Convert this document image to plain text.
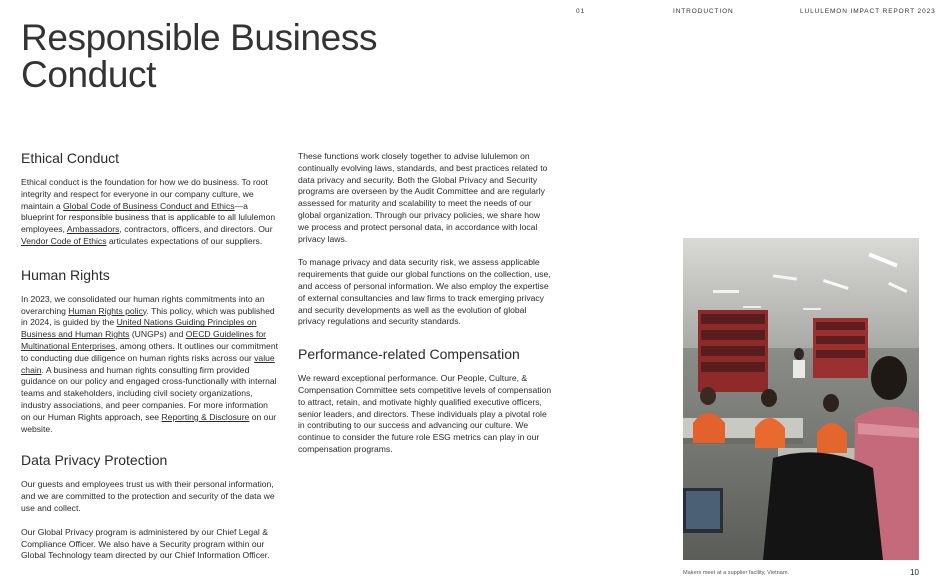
01	INTRODUCTION	LULULEMON IMPACT REPORT 2023
Responsible Business Conduct
Ethical Conduct

Ethical conduct is the foundation for how we do business. To root integrity and respect for everyone in our company culture, we maintain a Global Code of Business Conduct and Ethics—a blueprint for responsible business that is applicable to all lululemon employees, Ambassadors, contractors, officers, and directors. Our Vendor Code of Ethics articulates expectations of our suppliers.

Human Rights

In 2023, we consolidated our human rights commitments into an overarching Human Rights policy. This policy, which was published in 2024, is guided by the United Nations Guiding Principles on Business and Human Rights (UNGPs) and OECD Guidelines for Multinational Enterprises, among others. It outlines our commitment to conducting due diligence on human rights risks across our value chain. A business and human rights consulting firm provided guidance on our policy and engaged cross-functionally with internal teams and stakeholders, including civil society organizations, industry associations, and peer companies. For more information on our Human Rights approach, see Reporting & Disclosure on our website.

Data Privacy Protection

Our guests and employees trust us with their personal information, and we are committed to the protection and security of the data we use and collect.

Our Global Privacy program is administered by our Chief Legal & Compliance Officer. We also have a Security program within our Global Technology team directed by our Chief Information Officer.

These functions work closely together to advise lululemon on continually evolving laws, standards, and best practices related to data privacy and security. Both the Global Privacy and Security programs are overseen by the Audit Committee and are regularly assessed for maturity and scalability to meet the needs of our global organization. Through our privacy policies, we share how we process and protect personal data, in accordance with local privacy laws.

To manage privacy and data security risk, we assess applicable requirements that guide our global functions on the collection, use, and access of personal information. We also employ the expertise of external consultancies and law firms to track emerging privacy and security developments as well as the evolution of global privacy regulations and security standards.

Performance-related Compensation

We reward exceptional performance. Our People, Culture, & Compensation Committee sets competitive levels of compensation to attract, retain, and motivate highly qualified executive officers, senior leaders, and directors. These individuals play a pivotal role in contributing to our success and advancing our culture. We continue to consider the future role ESG metrics can play in our compensation programs.

Makers meet at a supplier facility, Vietnam.	10
